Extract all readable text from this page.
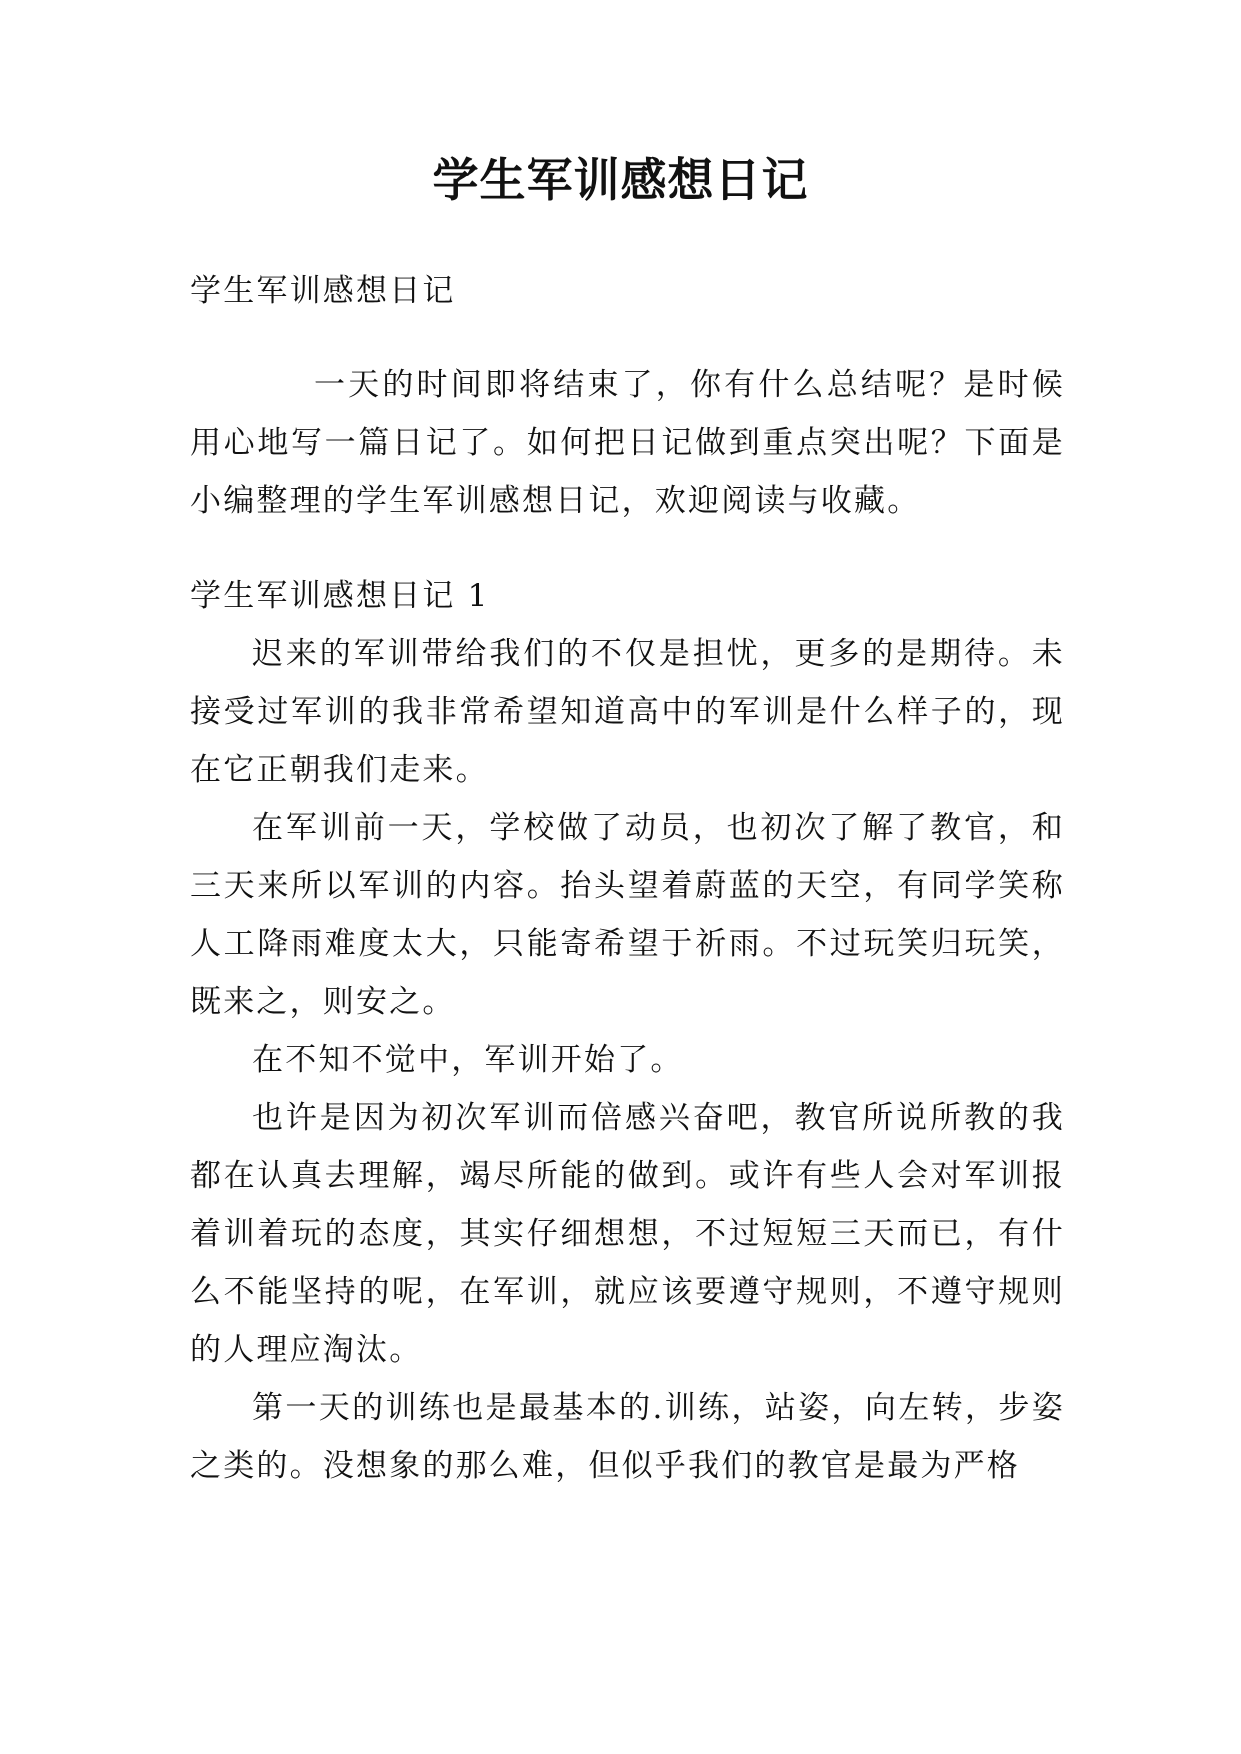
学生军训感想日记
学生军训感想日记

一天的时间即将结束了，你有什么总结呢？是时候用心地写一篇日记了。如何把日记做到重点突出呢？下面是小编整理的学生军训感想日记，欢迎阅读与收藏。

学生军训感想日记 1

迟来的军训带给我们的不仅是担忧，更多的是期待。未接受过军训的我非常希望知道高中的军训是什么样子的，现在它正朝我们走来。

在军训前一天，学校做了动员，也初次了解了教官，和三天来所以军训的内容。抬头望着蔚蓝的天空，有同学笑称人工降雨难度太大，只能寄希望于祈雨。不过玩笑归玩笑，既来之，则安之。

在不知不觉中，军训开始了。

也许是因为初次军训而倍感兴奋吧，教官所说所教的我都在认真去理解，竭尽所能的做到。或许有些人会对军训报着训着玩的态度，其实仔细想想，不过短短三天而已，有什么不能坚持的呢，在军训，就应该要遵守规则，不遵守规则的人理应淘汰。

第一天的训练也是最基本的.训练，站姿，向左转，步姿之类的。没想象的那么难，但似乎我们的教官是最为严格
